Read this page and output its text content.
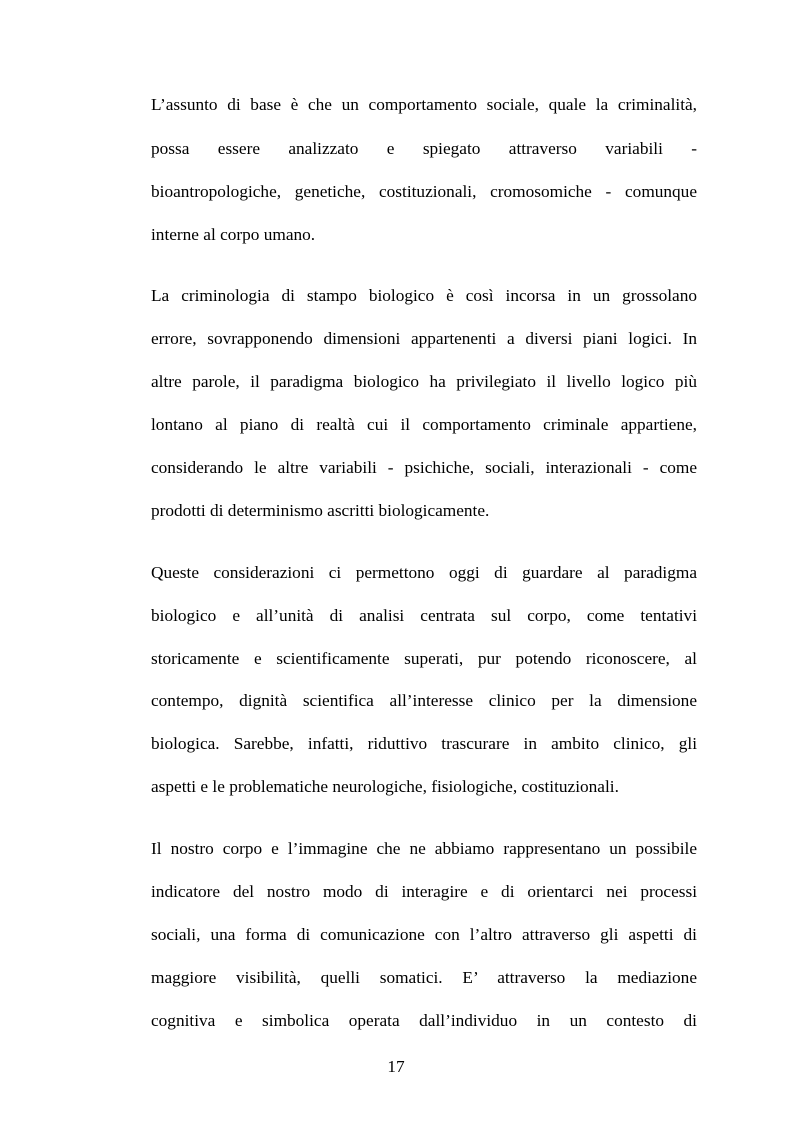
L’assunto di base è che un comportamento sociale, quale la criminalità,

possa essere analizzato e spiegato attraverso variabili -

bioantropologiche, genetiche, costituzionali, cromosomiche - comunque

interne al corpo umano.

La criminologia di stampo biologico è così incorsa in un grossolano

errore, sovrapponendo dimensioni appartenenti a diversi piani logici. In

altre parole, il paradigma biologico ha privilegiato il livello logico più

lontano al piano di realtà cui il comportamento criminale appartiene,

considerando le altre variabili - psichiche, sociali, interazionali - come

prodotti di determinismo ascritti biologicamente.

Queste considerazioni ci permettono oggi di guardare al paradigma

biologico e all’unità di analisi centrata sul corpo, come tentativi

storicamente e scientificamente superati, pur potendo riconoscere, al

contempo, dignità scientifica all’interesse clinico per la dimensione

biologica. Sarebbe, infatti, riduttivo trascurare in ambito clinico, gli

aspetti e le problematiche neurologiche, fisiologiche, costituzionali.

Il nostro corpo e l’immagine che ne abbiamo rappresentano un possibile

indicatore del nostro modo di interagire e di orientarci nei processi

sociali, una forma di comunicazione con l’altro attraverso gli aspetti di

maggiore visibilità, quelli somatici. E’ attraverso la mediazione

cognitiva e simbolica operata dall’individuo in un contesto di

17
